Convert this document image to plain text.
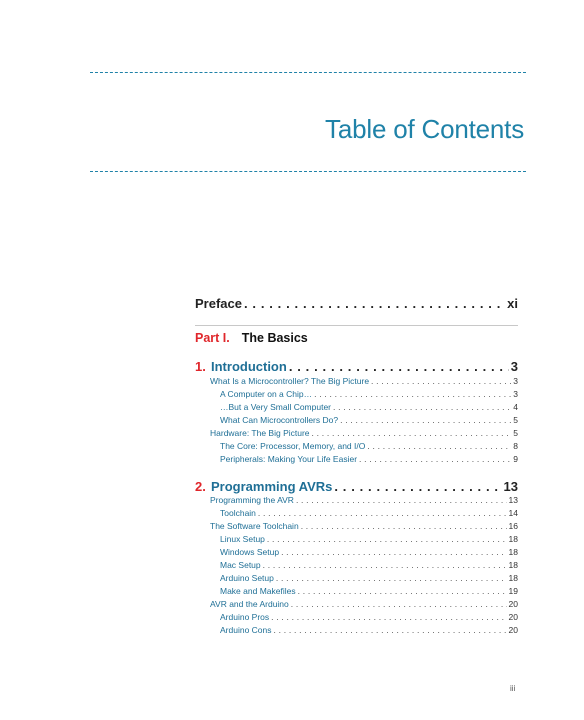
Table of Contents
Preface . . .	xi
Part I. The Basics
1. Introduction . . .	3
What Is a Microcontroller? The Big Picture . . .	3
A Computer on a Chip… . . .	3
…But a Very Small Computer . . .	4
What Can Microcontrollers Do? . . .	5
Hardware: The Big Picture . . .	5
The Core: Processor, Memory, and I/O . . .	8
Peripherals: Making Your Life Easier . . .	9
2. Programming AVRs . . .	13
Programming the AVR . . .	13
Toolchain . . .	14
The Software Toolchain . . .	16
Linux Setup . . .	18
Windows Setup . . .	18
Mac Setup . . .	18
Arduino Setup . . .	18
Make and Makefiles . . .	19
AVR and the Arduino . . .	20
Arduino Pros . . .	20
Arduino Cons . . .	20
iii
